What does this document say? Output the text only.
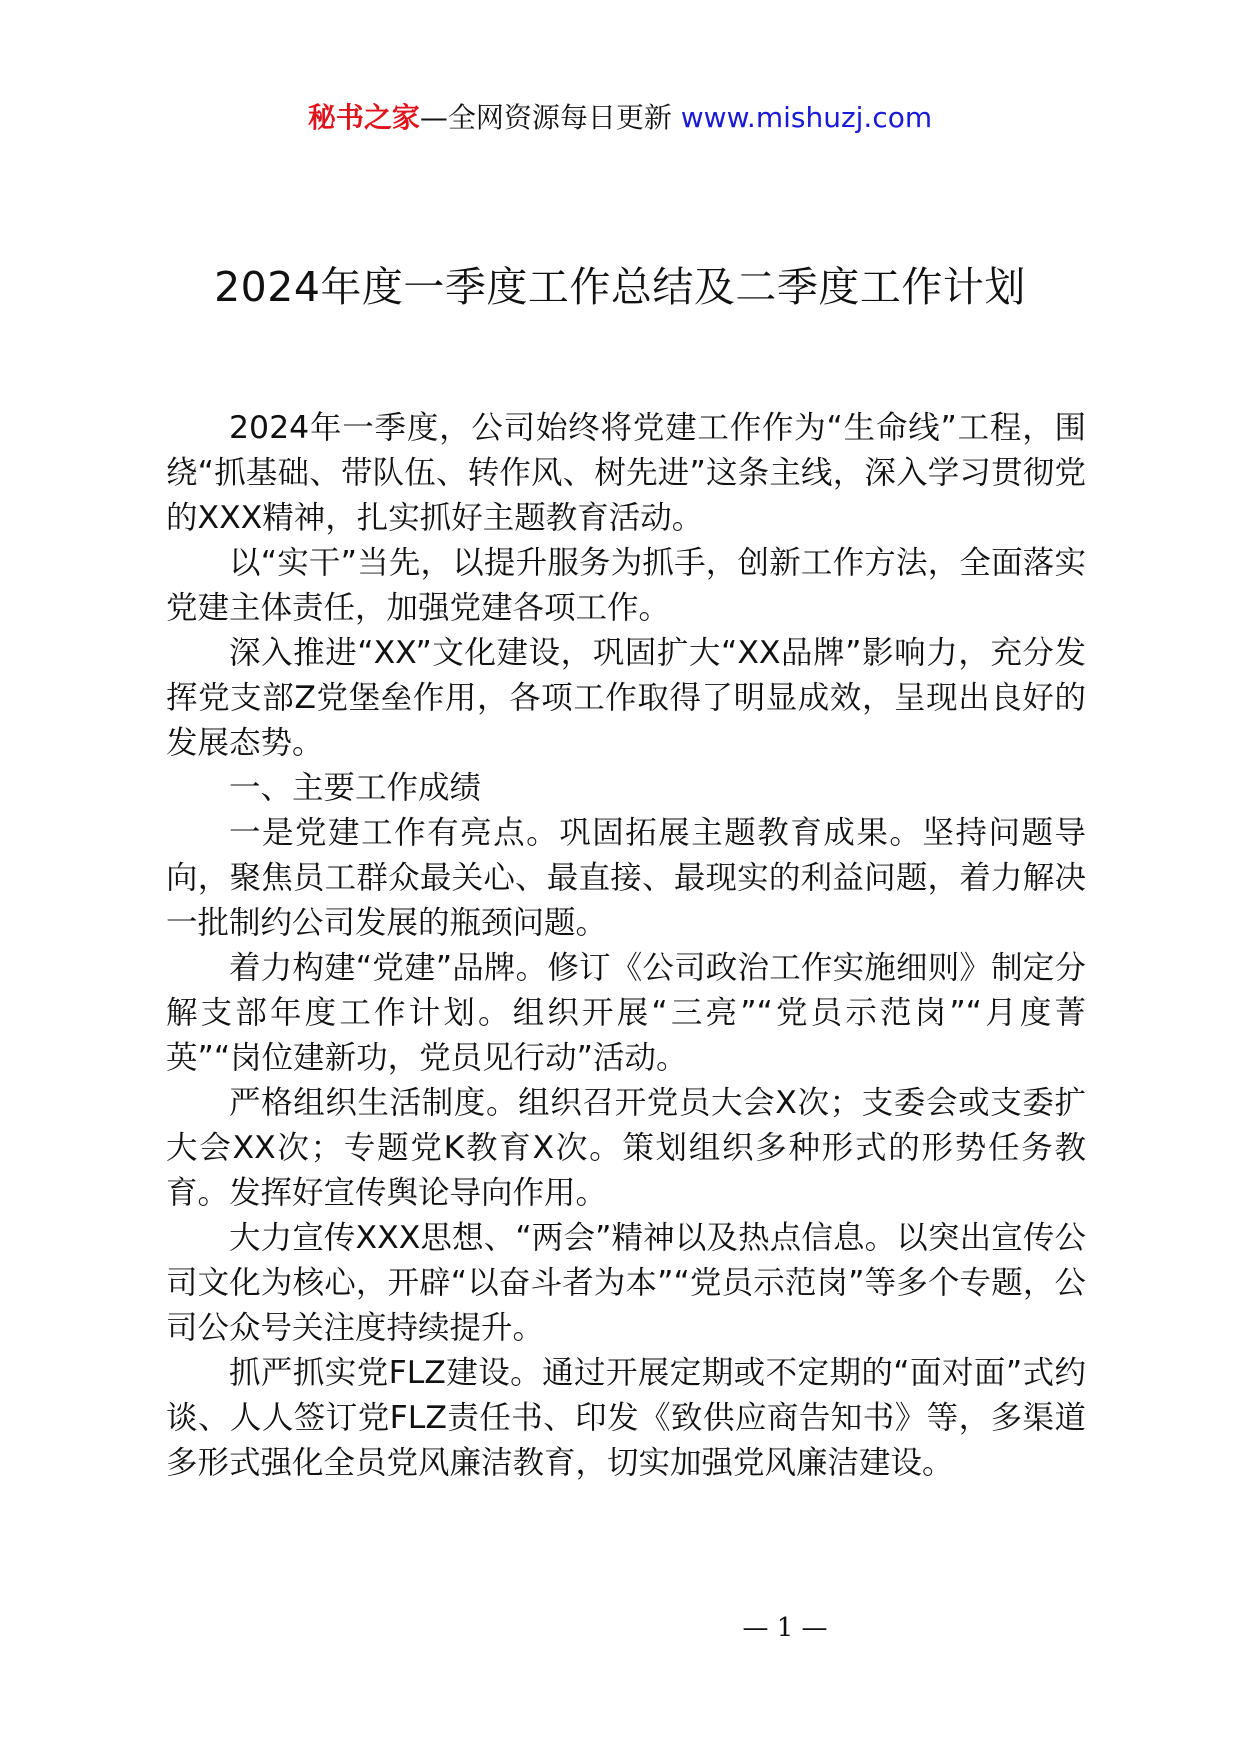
秘书之家—全网资源每日更新 www.mishuzj.com
2024年度一季度工作总结及二季度工作计划

2024年一季度，公司始终将党建工作作为“生命线”工程，围绕“抓基础、带队伍、转作风、树先进”这条主线，深入学习贯彻党的XXX精神，扎实抓好主题教育活动。

以“实干”当先，以提升服务为抓手，创新工作方法，全面落实党建主体责任，加强党建各项工作。

深入推进“XX”文化建设，巩固扩大“XX品牌”影响力，充分发挥党支部Z党堡垒作用，各项工作取得了明显成效，呈现出良好的发展态势。

一、主要工作成绩

一是党建工作有亮点。巩固拓展主题教育成果。坚持问题导向，聚焦员工群众最关心、最直接、最现实的利益问题，着力解决一批制约公司发展的瓶颈问题。

着力构建“党建”品牌。修订《公司政治工作实施细则》制定分解支部年度工作计划。组织开展“三亮”“党员示范岗”“月度菁英”“岗位建新功，党员见行动”活动。

严格组织生活制度。组织召开党员大会X次；支委会或支委扩大会XX次；专题党K教育X次。策划组织多种形式的形势任务教育。发挥好宣传舆论导向作用。

大力宣传XXX思想、“两会”精神以及热点信息。以突出宣传公司文化为核心，开辟“以奋斗者为本”“党员示范岗”等多个专题，公司公众号关注度持续提升。

抓严抓实党FLZ建设。通过开展定期或不定期的“面对面”式约谈、人人签订党FLZ责任书、印发《致供应商告知书》等，多渠道多形式强化全员党风廉洁教育，切实加强党风廉洁建设。

— 1 —
